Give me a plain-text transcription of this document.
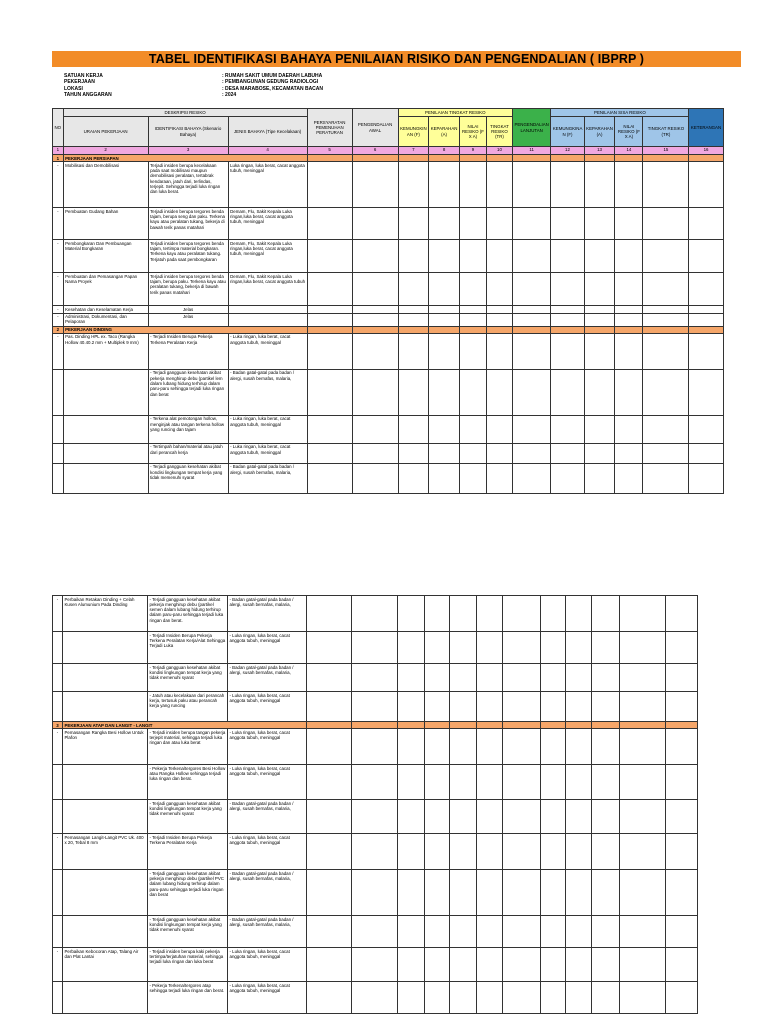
TABEL IDENTIFIKASI BAHAYA PENILAIAN RISIKO DAN PENGENDALIAN ( IBPRP )
SATUAN KERJA	: RUMAH SAKIT UMUM DAERAH LABUHA
PEKERJAAN	: PEMBANGUNAN GEDUNG RADIOLOGI
LOKASI	: DESA MARABOSE, KECAMATAN BACAN
TAHUN ANGGARAN	: 2024
NO	DESKRIPSI RESIKO			PERSYARATAN PEMENUHAN PERATURAN	PENGENDALIAN AWAL	PENILAIAN TINGKAT RESIKO				PENGENDALIAN LANJUTAN	PENILAIAN SISA RESIKO				KETERANGAN
	URAIAN PEKERJAAN	IDENTIFIKASI BAHAYA (Skenario Bahaya)	JENIS BAHAYA (Tipe Kecelakaan)			KEMUNGKIN AN (F)	KEPARAHAN (A)	NILAI RESIKO (F X A)	TINGKAT RESIKO (TR)		KEMUNGKINA N (F)	KEPARAHAN (A)	NILAI RESIKO (F X A)	TINGKAT RESIKO (TR)	
1	2	3	4	5	6	7	8	9	10	11	12	13	14	15	16
1	PEKERJAAN PERSIAPAN														
-	Mobilisasi dan Demobilisasi	Terjadi insiden berupa kecelakaan pada saat mobilisasi maupun demobilisasi peralatan, tertabrak kendaraan, jatuh dari, terlindas, terjepit. Sehingga terjadi luka ringan dan luka berat.	Luka ringan, luka berat, cacat anggota tubuh, meninggal												
-	Pembuatan Gudang Bahan	Terjadi insiden berupa tergores benda tajam, berupa seng dan paku. Terkena kayu atau peralatan tukang, bekerja di bawah terik panas matahari	Demam, Flu, Sakit Kepala Luka ringan,luka berat, cacat anggota tubuh, meninggal												
-	Pembongkaran Dan Pembuangan Material Bongkaran	Terjadi insiden berupa tergores benda tajam, tertimpa material bongkaran. Terkena kayu atau peralatan tukang. Terjatuh pada saat pembongkaran	Demam, Flu, Sakit Kepala Luka ringan,luka berat, cacat anggota tubuh, meninggal												
-	Pembuatan dan Pemasangan Papan Nama Proyek	Terjadi insiden berupa tergores benda tajam, berupa paku. Terkena kayu atau peralatan tukang, bekerja di bawah terik panas matahari	Demam, Flu, Sakit Kepala Luka ringan,luka berat, cacat anggota tubuh												
-	Kesehatan dan Keselamatan Kerja	Jelas													
-	Administrasi, Dokumentasi, dan Pelaporan	Jelas													
2	PEKERJAAN DINDING														
-	Pas. Dinding HPL ex. Taco (Rangka Hollow 40.40.2 mm + Multiplek 9 mm)	- Terjadi Insiden Berupa Pekerja Terkena Peralatan Kerja	- Luka ringan, luka berat, cacat anggota tubuh, meninggal												
		- Terjadi gangguan kesehatan akibat pekerja menghirup debu (partikel lem dalam lubang hidung terhirup dalam paru-paru sehingga terjadi luka ringan dan berat	- Badan gatal-gatal pada badan / alergi, susah bernafas, malaria,												
		- Terkena alat pemotongan hollow, menginjak atau tangan terkena hollow yang runcing dan tajam	- Luka ringan, luka berat, cacat anggota tubuh, meninggal												
		- Tertimpah bahan/material atau jatuh dari perancah kerja	- Luka ringan, luka berat, cacat anggota tubuh, meninggal												
		- Terjadi gangguan kesehatan akibat kondisi lingkungan tempat kerja yang tidak memenuhi syarat	- Badan gatal-gatal pada badan / alergi, susah bernafas, malaria,												
-	Perbaikan Retakan Dinding + Celah Kusen Alumunium Pada Dinding	- Terjadi gangguan kesehatan akibat pekerja menghirup debu (partikel semen dalam lubang hidung terhirup dalam paru-paru sehingga terjadi luka ringan dan berat.	- Badan gatal-gatal pada badan / alergi, susah bernafas, malaria,												
		- Terjadi Insiden Berupa Pekerja Terkena Peralatan Kerja/Alat Sehingga Terjadi Luka	- Luka ringan, luka berat, cacat anggota tubuh, meninggal												
		- Terjadi gangguan kesehatan akibat kondisi lingkungan tempat kerja yang tidak memenuhi syarat	- Badan gatal-gatal pada badan / alergi, susah bernafas, malaria,												
		- Jatuh atau kecelakaan dari perancah kerja, tertusuk paku atau perancah kerja yang runcing	- Luka ringan, luka berat, cacat anggota tubuh, meninggal												
3	PEKERJAAN ATAP DAN LANGIT - LANGIT														
-	Pemasangan Rangka Besi Hollow Untuk Plafon	- Terjadi insiden berupa tangan pekerja terjepit material, sehingga terjadi luka ringan dan atau luka berat	- Luka ringan, luka berat, cacat anggota tubuh, meninggal												
		- Pekerja Terkena/tergores Besi Hollow atau Rangka Hollow sehingga terjadi luka ringan dan berat.	- Luka ringan, luka berat, cacat anggota tubuh, meninggal												
		- Terjadi gangguan kesehatan akibat kondisi lingkungan tempat kerja yang tidak memenuhi syarat	- Badan gatal-gatal pada badan / alergi, susah bernafas, malaria,												
-	Pemasangan Langit-Langit PVC Uk. 400 x 20, Tebal 8 mm	- Terjadi Insiden Berupa Pekerja Terkena Peralatan Kerja	- Luka ringan, luka berat, cacat anggota tubuh, meninggal												
		- Terjadi gangguan kesehatan akibat pekerja menghirup debu (partikel PVC dalam lubang hidung terhirup dalam paru-paru sehingga terjadi luka ringan dan berat	- Badan gatal-gatal pada badan / alergi, susah bernafas, malaria,												
		- Terjadi gangguan kesehatan akibat kondisi lingkungan tempat kerja yang tidak memenuhi syarat	- Badan gatal-gatal pada badan / alergi, susah bernafas, malaria,												
-	Perbaikan Kebocoran Atap, Talang Air dan Plat Lantai	- Terjadi insiden berupa kaki pekerja tertimpa/terjatuhan material, sehingga terjadi luka ringan dan luka berat	- Luka ringan, luka berat, cacat anggota tubuh, meninggal												
		- Pekerja Terkena/tergores atap sehingga terjadi luka ringan dan berat.	- Luka ringan, luka berat, cacat anggota tubuh, meninggal												
